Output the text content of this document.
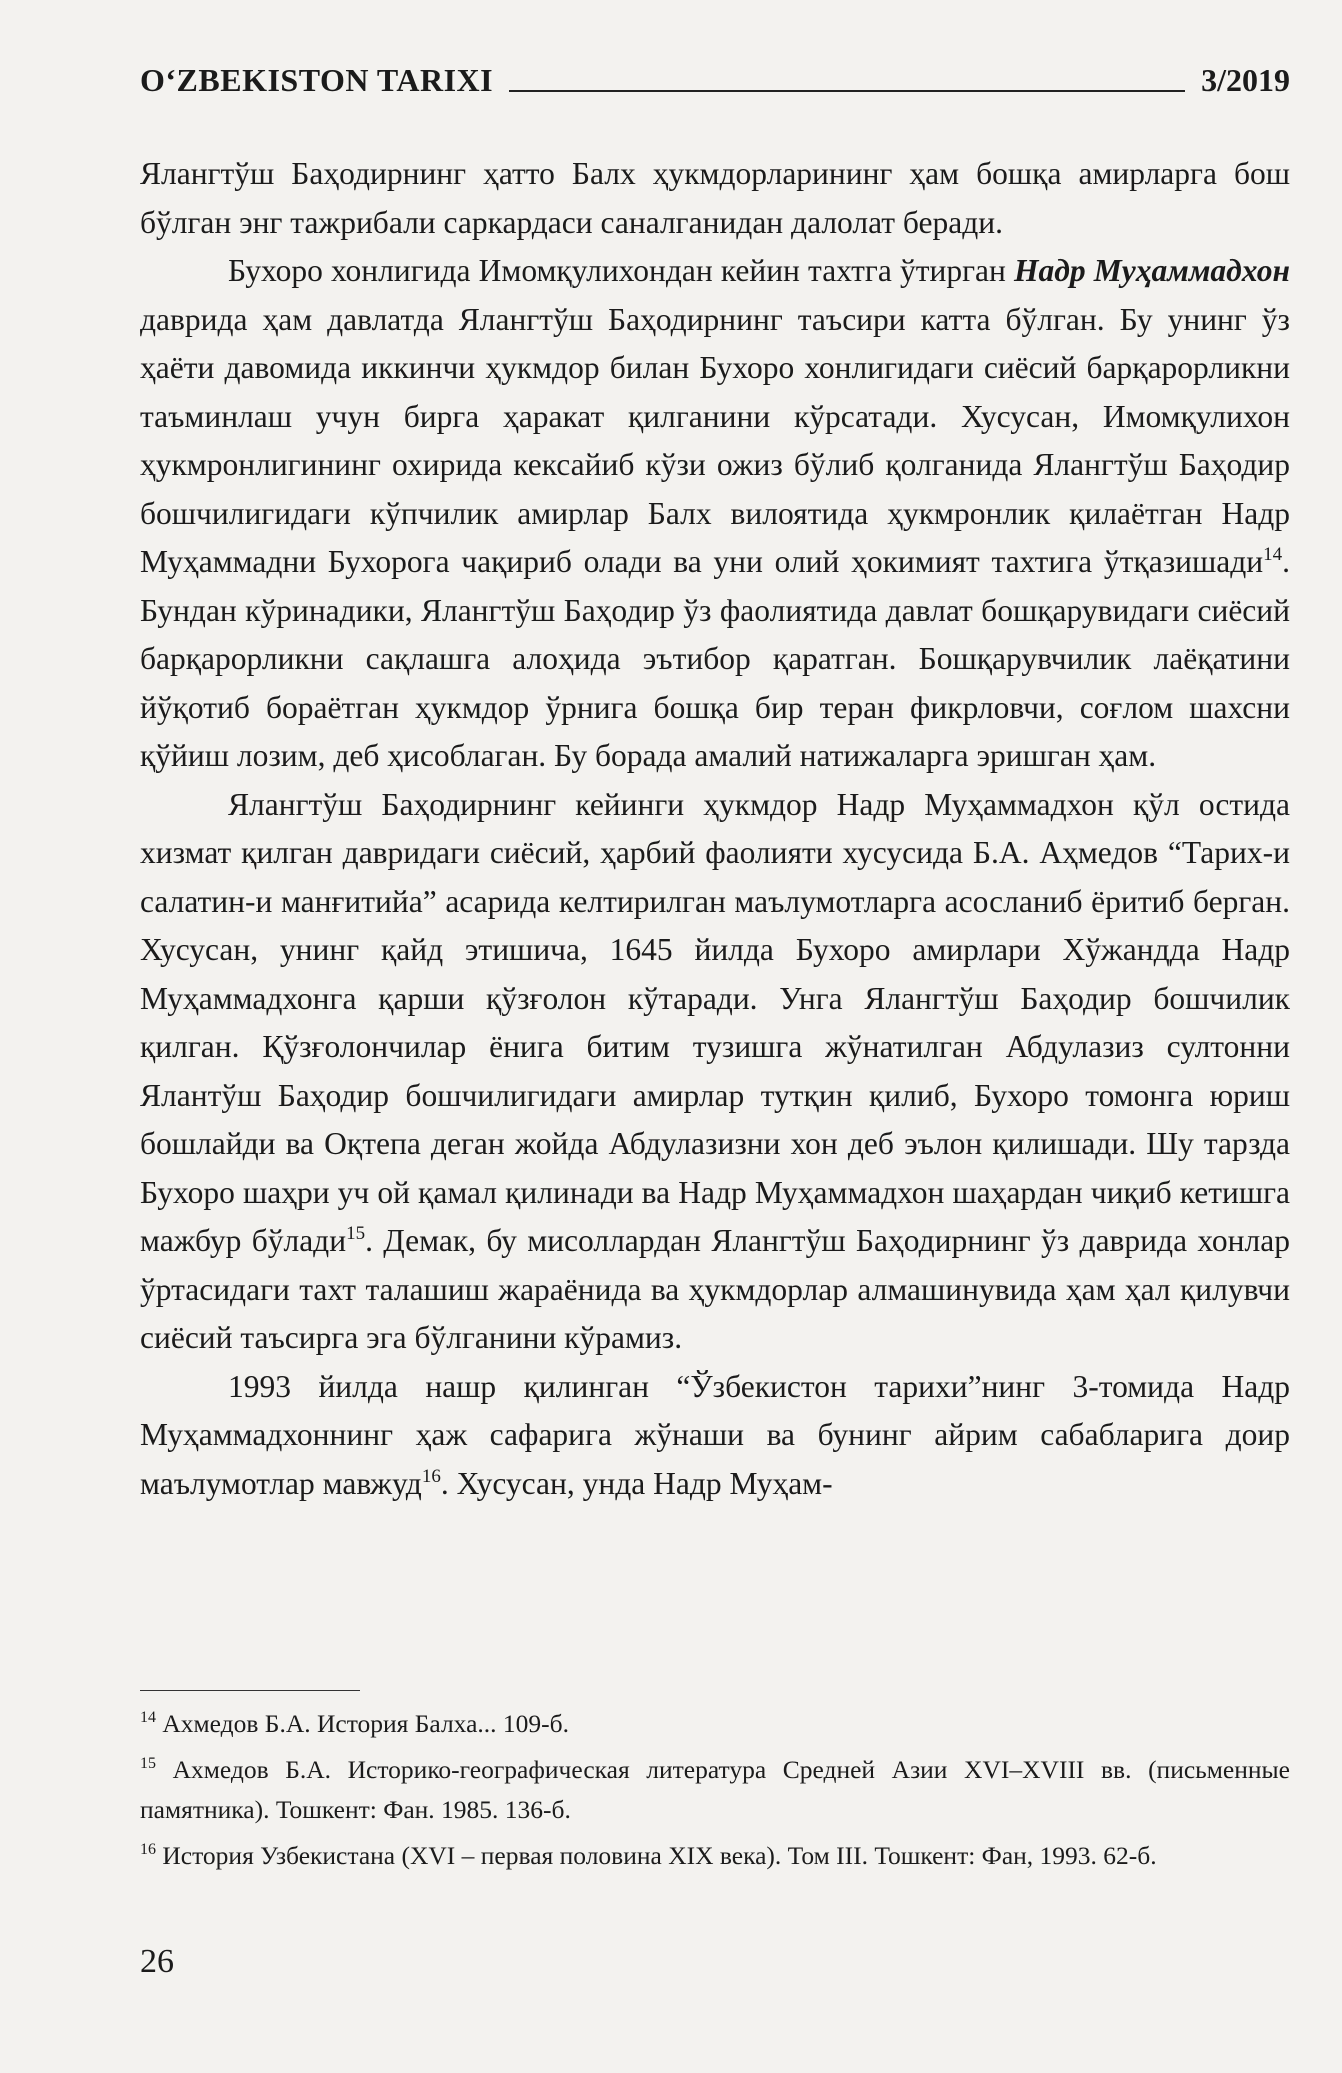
O‘ZBEKISTON TARIXI	3/2019

Ялангтўш Баҳодирнинг ҳатто Балх ҳукмдорларининг ҳам бошқа амирларга бош бўлган энг тажрибали саркардаси саналганидан далолат беради.

Бухоро хонлигида Имомқулихондан кейин тахтга ўтирган Надр Муҳаммадхон даврида ҳам давлатда Ялангтўш Баҳодирнинг таъсири катта бўлган. Бу унинг ўз ҳаёти давомида иккинчи ҳукмдор билан Бухоро хонлигидаги сиёсий барқарорликни таъминлаш учун бирга ҳаракат қилганини кўрсатади. Хусусан, Имомқулихон ҳукмронлигининг охирида кексайиб кўзи ожиз бўлиб қолганида Ялангтўш Баҳодир бошчилигидаги кўпчилик амирлар Балх вилоятида ҳукмронлик қилаётган Надр Муҳаммадни Бухорога чақириб олади ва уни олий ҳокимият тахтига ўтқазишади$^{14}$. Бундан кўринадики, Ялангтўш Баҳодир ўз фаолиятида давлат бошқарувидаги сиёсий барқарорликни сақлашга алоҳида эътибор қаратган. Бошқарувчилик лаёқатини йўқотиб бораётган ҳукмдор ўрнига бошқа бир теран фикрловчи, соғлом шахсни қўйиш лозим, деб ҳисоблаган. Бу борада амалий натижаларга эришган ҳам.

Ялангтўш Баҳодирнинг кейинги ҳукмдор Надр Муҳаммадхон қўл остида хизмат қилган давридаги сиёсий, ҳарбий фаолияти хусусида Б.А. Аҳмедов “Тарих-и салатин-и манғитийа” асарида келтирилган маълумотларга асосланиб ёритиб берган. Хусусан, унинг қайд этишича, 1645 йилда Бухоро амирлари Хўжандда Надр Муҳаммадхонга қарши қўзғолон кўтаради. Унга Ялангтўш Баҳодир бошчилик қилган. Қўзғолончилар ёнига битим тузишга жўнатилган Абдулазиз султонни Ялантўш Баҳодир бошчилигидаги амирлар тутқин қилиб, Бухоро томонга юриш бошлайди ва Оқтепа деган жойда Абдулазизни хон деб эълон қилишади. Шу тарзда Бухоро шаҳри уч ой қамал қилинади ва Надр Муҳаммадхон шаҳардан чиқиб кетишга мажбур бўлади$^{15}$. Демак, бу мисоллардан Ялангтўш Баҳодирнинг ўз даврида хонлар ўртасидаги тахт талашиш жараёнида ва ҳукмдорлар алмашинувида ҳам ҳал қилувчи сиёсий таъсирга эга бўлганини кўрамиз.

1993 йилда нашр қилинган “Ўзбекистон тарихи”нинг 3-томида Надр Муҳаммадхоннинг ҳаж сафарига жўнаши ва бунинг айрим сабабларига доир маълумотлар мавжуд$^{16}$. Хусусан, унда Надр Муҳам-

$^{14}$ Ахмедов Б.А. История Балха... 109-б.

$^{15}$ Ахмедов Б.А. Историко-географическая литература Средней Азии XVI–XVIII вв. (письменные памятника). Тошкент: Фан. 1985. 136-б.

$^{16}$ История Узбекистана (XVI – первая половина XIX века). Том III. Тошкент: Фан, 1993. 62-б.

26
